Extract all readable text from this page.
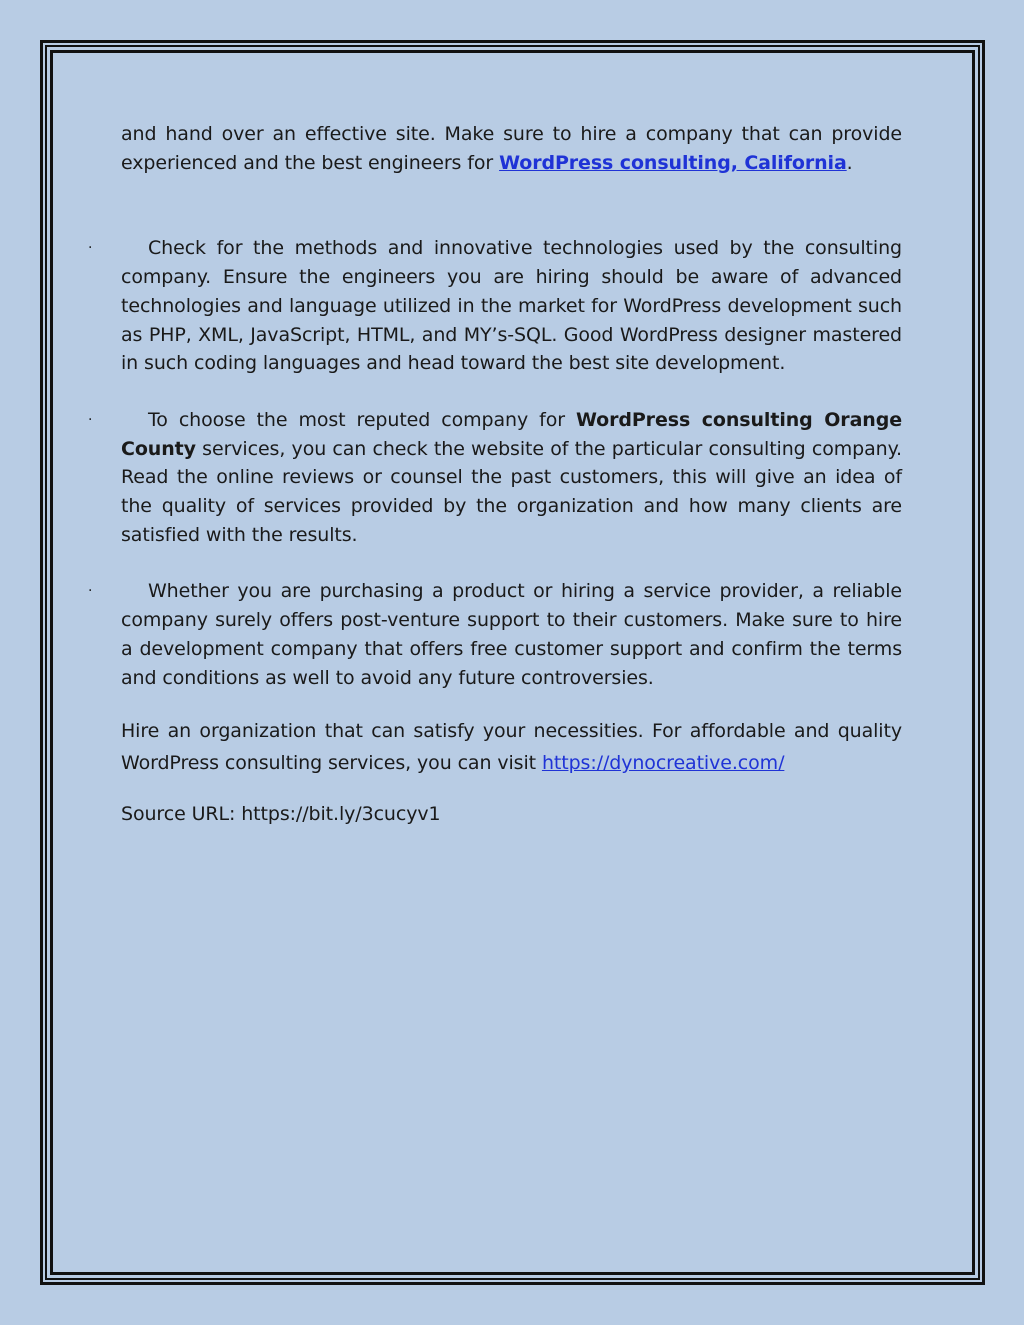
and hand over an effective site. Make sure to hire a company that can provide experienced and the best engineers for WordPress consulting, California.

·	Check for the methods and innovative technologies used by the consulting company. Ensure the engineers you are hiring should be aware of advanced technologies and language utilized in the market for WordPress development such as PHP, XML, JavaScript, HTML, and MY’s-SQL. Good WordPress designer mastered in such coding languages and head toward the best site development.

·	To choose the most reputed company for WordPress consulting Orange County services, you can check the website of the particular consulting company. Read the online reviews or counsel the past customers, this will give an idea of the quality of services provided by the organization and how many clients are satisfied with the results.

·	Whether you are purchasing a product or hiring a service provider, a reliable company surely offers post-venture support to their customers. Make sure to hire a development company that offers free customer support and confirm the terms and conditions as well to avoid any future controversies.

Hire an organization that can satisfy your necessities. For affordable and quality WordPress consulting services, you can visit https://dynocreative.com/

Source URL: https://bit.ly/3cucyv1
